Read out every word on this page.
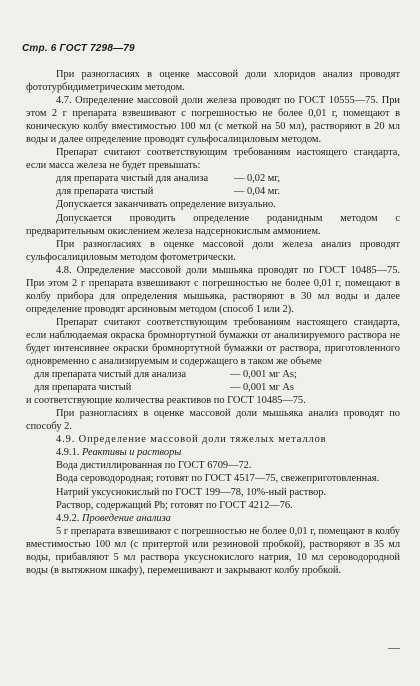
Стр. 6 ГОСТ 7298—79

При разногласиях в оценке массовой доли хлоридов анализ проводят фототурбидиметрическим методом.

4.7. Определение массовой доли железа проводят по ГОСТ 10555—75. При этом 2 г препарата взвешивают с погрешностью не более 0,01 г, помещают в коническую колбу вместимостью 100 мл (с меткой на 50 мл), растворяют в 20 мл воды и далее определение проводят сульфосалициловым методом.

Препарат считают соответствующим требованиям настоящего стандарта, если масса железа не будет превышать:

для препарата чистый для анализа — 0,02 мг,
для препарата чистый	— 0,04 мг.

Допускается заканчивать определение визуально.

Допускается проводить определение роданидным методом с предварительным окислением железа надсернокислым аммонием.

При разногласиях в оценке массовой доли железа анализ проводят сульфосалициловым методом фотометрически.

4.8. Определение массовой доли мышьяка проводят по ГОСТ 10485—75. При этом 2 г препарата взвешивают с погрешностью не более 0,01 г, помещают в колбу прибора для определения мышьяка, растворяют в 30 мл воды и далее определение проводят арсиновым методом (способ 1 или 2).

Препарат считают соответствующим требованиям настоящего стандарта, если наблюдаемая окраска бромнортутной бумажки от анализируемого раствора не будет интенсивнее окраски бромнортутной бумажки от раствора, приготовленного одновременно с анализируемым и содержащего в таком же объеме

для препарата чистый для анализа	— 0,001 мг As;
для препарата чистый	— 0,001 мг As

и соответствующие количества реактивов по ГОСТ 10485—75.

При разногласиях в оценке массовой доли мышьяка анализ проводят по способу 2.

4.9. Определение массовой доли тяжелых металлов

4.9.1. Реактивы и растворы

Вода дистиллированная по ГОСТ 6709—72.

Вода сероводородная; готовят по ГОСТ 4517—75, свежеприготовленная.

Натрий уксуснокислый по ГОСТ 199—78, 10%-ный раствор.

Раствор, содержащий Pb; готовят по ГОСТ 4212—76.

4.9.2. Проведение анализа

5 г препарата взвешивают с погрешностью не более 0,01 г, помещают в колбу вместимостью 100 мл (с притертой или резиновой пробкой), растворяют в 35 мл воды, прибавляют 5 мл раствора уксуснокислого натрия, 10 мл сероводородной воды (в вытяжном шкафу), перемешивают и закрывают колбу пробкой.
